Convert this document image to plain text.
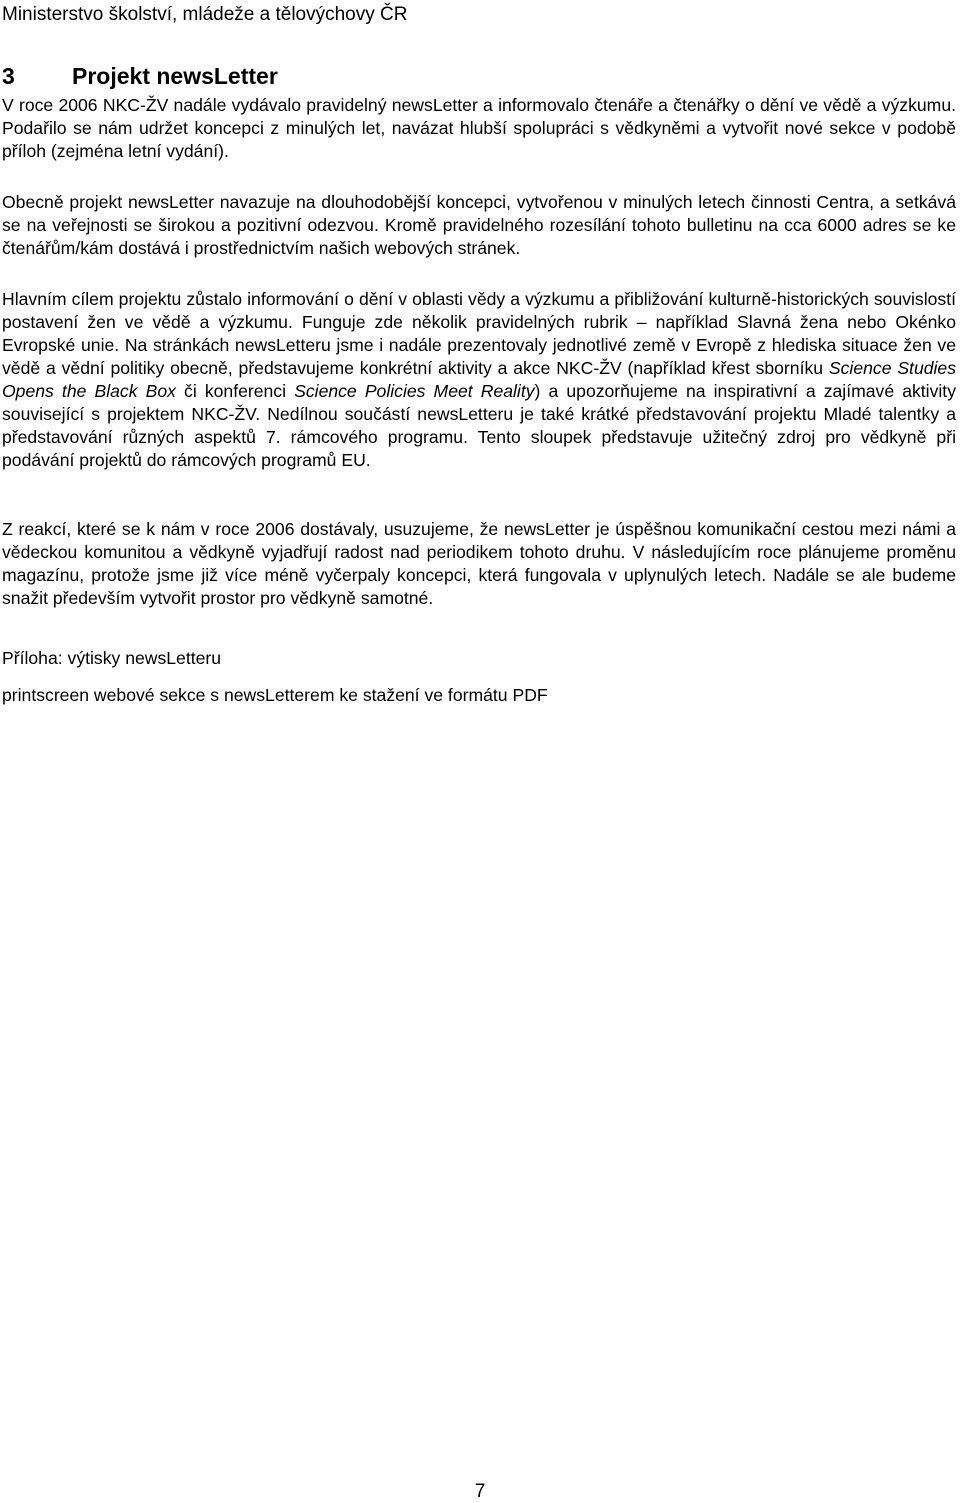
Ministerstvo školství, mládeže a tělovýchovy ČR
3 Projekt newsLetter

V roce 2006 NKC-ŽV nadále vydávalo pravidelný newsLetter a informovalo čtenáře a čtenářky o dění ve vědě a výzkumu. Podařilo se nám udržet koncepci z minulých let, navázat hlubší spolupráci s vědkyněmi a vytvořit nové sekce v podobě příloh (zejména letní vydání).

Obecně projekt newsLetter navazuje na dlouhodobější koncepci, vytvořenou v minulých letech činnosti Centra, a setkává se na veřejnosti se širokou a pozitivní odezvou. Kromě pravidelného rozesílání tohoto bulletinu na cca 6000 adres se ke čtenářům/kám dostává i prostřednictvím našich webových stránek.

Hlavním cílem projektu zůstalo informování o dění v oblasti vědy a výzkumu a přibližování kulturně-historických souvislostí postavení žen ve vědě a výzkumu. Funguje zde několik pravidelných rubrik – například Slavná žena nebo Okénko Evropské unie. Na stránkách newsLetteru jsme i nadále prezentovaly jednotlivé země v Evropě z hlediska situace žen ve vědě a vědní politiky obecně, představujeme konkrétní aktivity a akce NKC-ŽV (například křest sborníku Science Studies Opens the Black Box či konferenci Science Policies Meet Reality) a upozorňujeme na inspirativní a zajímavé aktivity související s projektem NKC-ŽV. Nedílnou součástí newsLetteru je také krátké představování projektu Mladé talentky a představování různých aspektů 7. rámcového programu. Tento sloupek představuje užitečný zdroj pro vědkyně při podávání projektů do rámcových programů EU.

Z reakcí, které se k nám v roce 2006 dostávaly, usuzujeme, že newsLetter je úspěšnou komunikační cestou mezi námi a vědeckou komunitou a vědkyně vyjadřují radost nad periodikem tohoto druhu. V následujícím roce plánujeme proměnu magazínu, protože jsme již více méně vyčerpaly koncepci, která fungovala v uplynulých letech. Nadále se ale budeme snažit především vytvořit prostor pro vědkyně samotné.

Příloha: výtisky newsLetteru

printscreen webové sekce s newsLetterem ke stažení ve formátu PDF

7
